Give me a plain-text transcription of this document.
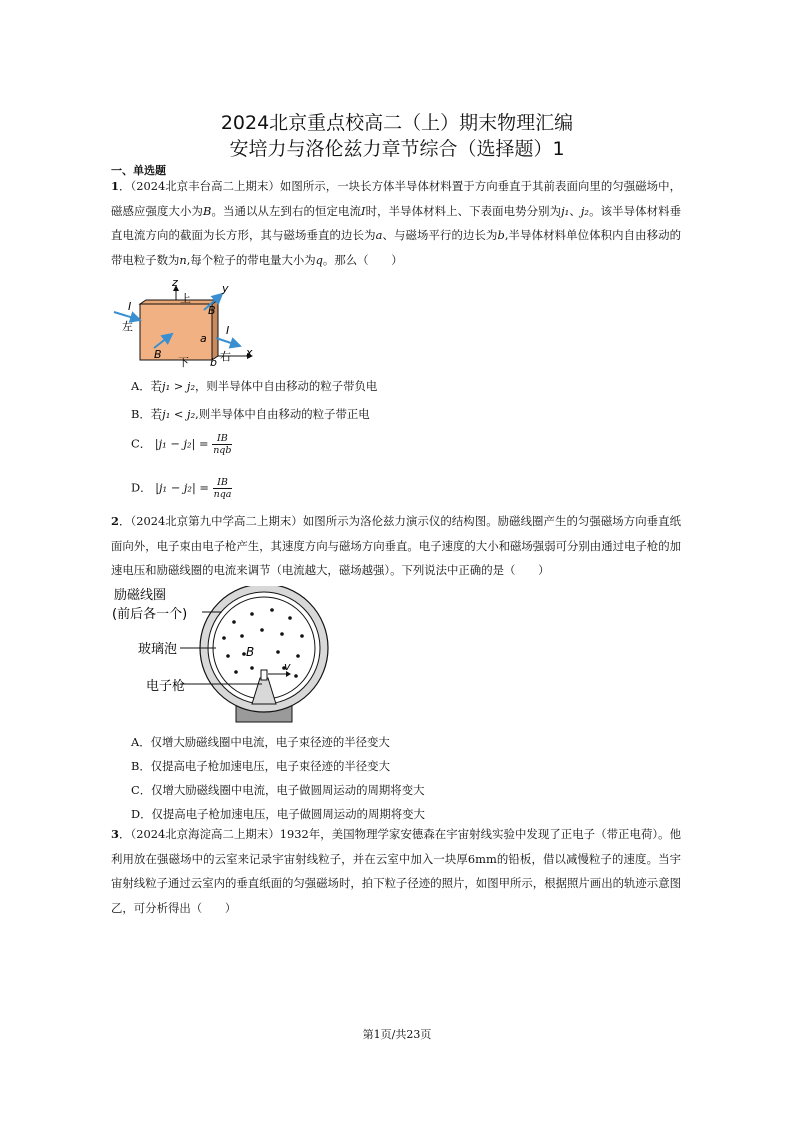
2024北京重点校高二（上）期末物理汇编
安培力与洛伦兹力章节综合（选择题）1
一、单选题
1．（2024北京丰台高二上期末）如图所示，一块长方体半导体材料置于方向垂直于其前表面向里的匀强磁场中，磁感应强度大小为B。当通以从左到右的恒定电流I时，半导体材料上、下表面电势分别为j₁、j₂。该半导体材料垂直电流方向的截面为长方形，其与磁场垂直的边长为a、与磁场平行的边长为b,半导体材料单位体积内自由移动的带电粒子数为n,每个粒子的带电量大小为q。那么（　　）
z
上
y
B
I
左
a
I
B
下 b 右 x
A．若j₁ > j₂，则半导体中自由移动的粒子带负电
B．若j₁ < j₂,则半导体中自由移动的粒子带正电
C． $|j_1 - j_2| = \frac{IB}{\text{nqb}}$
D． $|j_1 - j_2| = \frac{IB}{\text{nqa}}$
2．（2024北京第九中学高二上期末）如图所示为洛伦兹力演示仪的结构图。励磁线圈产生的匀强磁场方向垂直纸面向外，电子束由电子枪产生，其速度方向与磁场方向垂直。电子速度的大小和磁场强弱可分别由通过电子枪的加速电压和励磁线圈的电流来调节（电流越大，磁场越强）。下列说法中正确的是（　　）
励磁线圈
(前后各一个)
玻璃泡
电子枪
B
v
A．仅增大励磁线圈中电流，电子束径迹的半径变大
B．仅提高电子枪加速电压，电子束径迹的半径变大
C．仅增大励磁线圈中电流，电子做圆周运动的周期将变大
D．仅提高电子枪加速电压，电子做圆周运动的周期将变大
3．（2024北京海淀高二上期末）1932年，美国物理学家安德森在宇宙射线实验中发现了正电子（带正电荷）。他利用放在强磁场中的云室来记录宇宙射线粒子，并在云室中加入一块厚6mm的铅板，借以减慢粒子的速度。当宇宙射线粒子通过云室内的垂直纸面的匀强磁场时，拍下粒子径迹的照片，如图甲所示，根据照片画出的轨迹示意图乙，可分析得出（　　）
第1页/共23页
